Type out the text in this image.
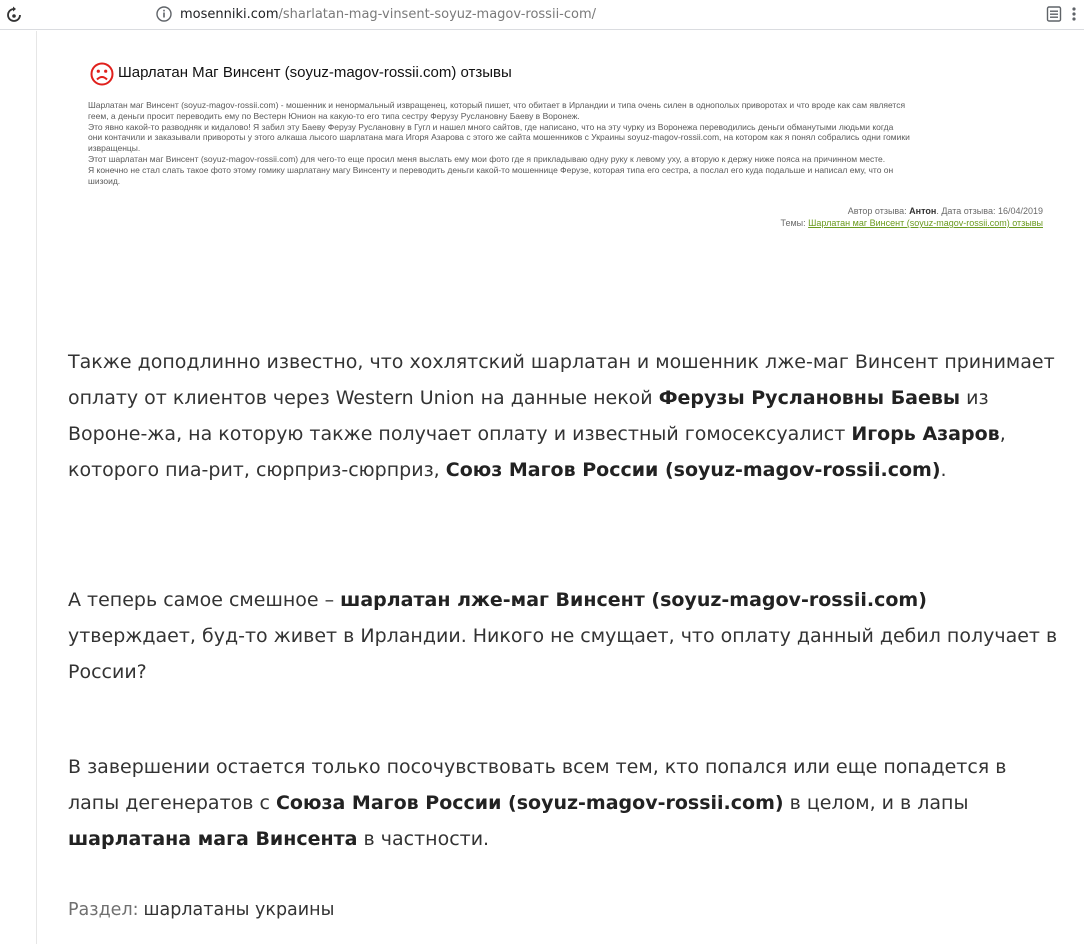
mosenniki.com/sharlatan-mag-vinsent-soyuz-magov-rossii-com/
Шарлатан Маг Винсент (soyuz-magov-rossii.com) отзывы

Шарлатан маг Винсент (soyuz-magov-rossii.com) - мошенник и ненормальный извращенец, который пишет, что обитает в Ирландии и типа очень силен в однополых приворотах и что вроде как сам является

геем, а деньги просит переводить ему по Вестерн Юнион на какую-то его типа сестру Ферузу Руслановну Баеву в Воронеж.

Это явно какой-то разводняк и кидалово! Я забил эту Баеву Ферузу Руслановну в Гугл и нашел много сайтов, где написано, что на эту чурку из Воронежа переводились деньги обманутыми людьми когда

они контачили и заказывали привороты у этого алкаша лысого шарлатана мага Игоря Азарова с этого же сайта мошенников с Украины soyuz-magov-rossii.com, на котором как я понял собрались одни гомики

извращенцы.

Этот шарлатан маг Винсент (soyuz-magov-rossii.com) для чего-то еще просил меня выслать ему мои фото где я прикладываю одну руку к левому уху, а вторую к держу ниже пояса на причинном месте.

Я конечно не стал слать такое фото этому гомику шарлатану магу Винсенту и переводить деньги какой-то мошеннице Ферузе, которая типа его сестра, а послал его куда подальше и написал ему, что он

шизоид.

Автор отзыва: Антон. Дата отзыва: 16/04/2019
Темы: Шарлатан маг Винсент (soyuz-magov-rossii.com) отзывы

Также доподлинно известно, что хохлятский шарлатан и мошенник лже-маг Винсент принимает оплату от клиентов через Western Union на данные некой Ферузы Руслановны Баевы из Вороне-жа, на которую также получает оплату и известный гомосексуалист Игорь Азаров, которого пиа-рит, сюрприз-сюрприз, Союз Магов России (soyuz-magov-rossii.com).

А теперь самое смешное – шарлатан лже-маг Винсент (soyuz-magov-rossii.com) утверждает, буд-то живет в Ирландии. Никого не смущает, что оплату данный дебил получает в России?

В завершении остается только посочувствовать всем тем, кто попался или еще попадется в лапы дегенератов с Союза Магов России (soyuz-magov-rossii.com) в целом, и в лапы шарлатана мага Винсента в частности.

Раздел: шарлатаны украины
